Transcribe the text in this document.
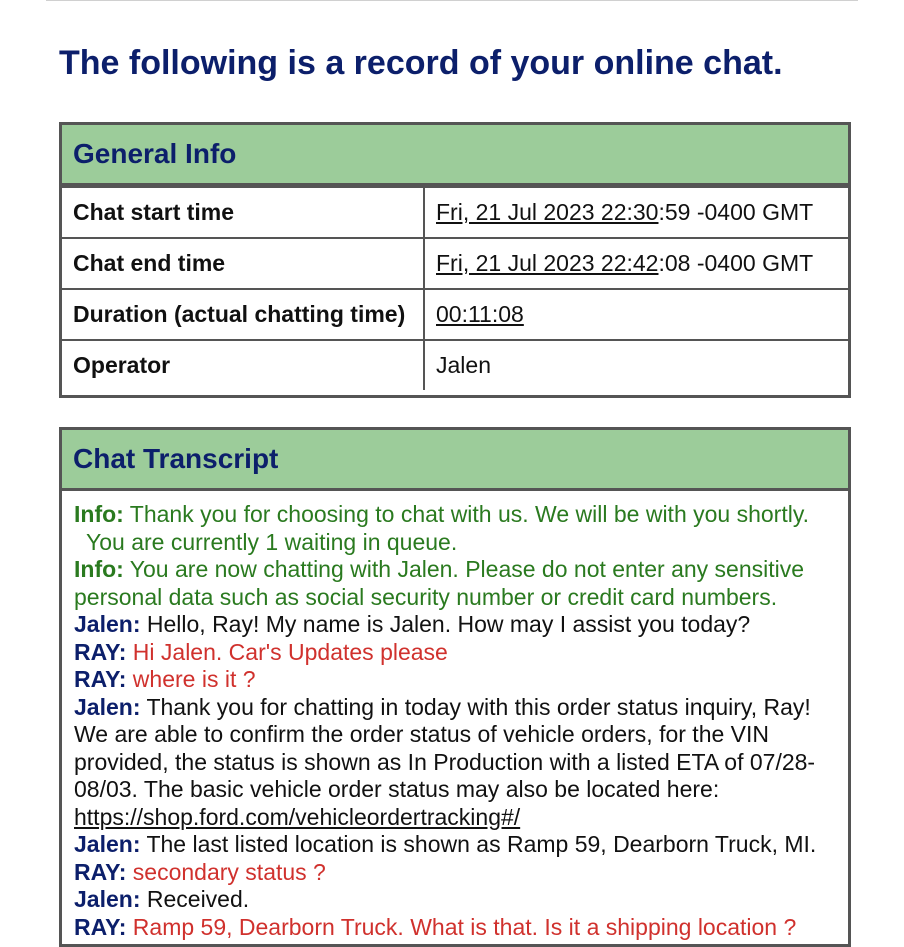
The following is a record of your online chat.
General Info
Chat start time	Fri, 21 Jul 2023 22:30:59 -0400 GMT
Chat end time	Fri, 21 Jul 2023 22:42:08 -0400 GMT
Duration (actual chatting time)	00:11:08
Operator	Jalen
Chat Transcript

Info: Thank you for choosing to chat with us. We will be with you shortly.
You are currently 1 waiting in queue.

Info: You are now chatting with Jalen. Please do not enter any sensitive personal data such as social security number or credit card numbers.

Jalen: Hello, Ray! My name is Jalen. How may I assist you today?

RAY: Hi Jalen. Car's Updates please

RAY: where is it ?

Jalen: Thank you for chatting in today with this order status inquiry, Ray! We are able to confirm the order status of vehicle orders, for the VIN provided, the status is shown as In Production with a listed ETA of 07/28-08/03. The basic vehicle order status may also be located here:
https://shop.ford.com/vehicleordertracking#/

Jalen: The last listed location is shown as Ramp 59, Dearborn Truck, MI.

RAY: secondary status ?

Jalen: Received.

RAY: Ramp 59, Dearborn Truck. What is that. Is it a shipping location ?
